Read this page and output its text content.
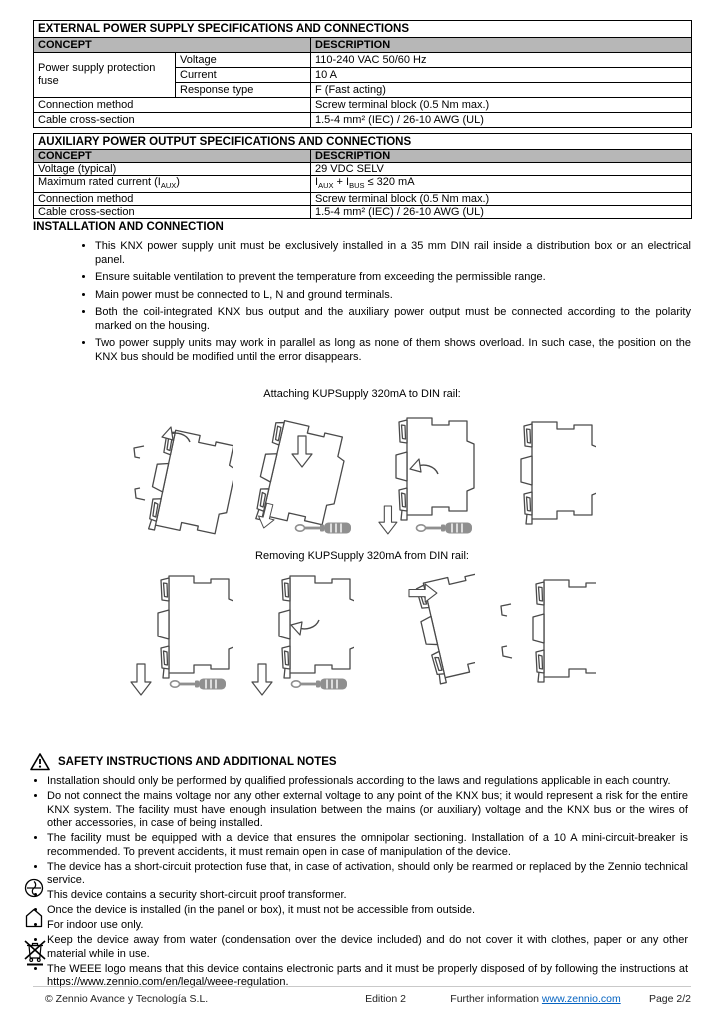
EXTERNAL POWER SUPPLY SPECIFICATIONS AND CONNECTIONS		
CONCEPT		DESCRIPTION
Power supply protection fuse	Voltage	110-240 VAC 50/60 Hz
	Current	10 A
	Response type	F (Fast acting)
Connection method		Screw terminal block (0.5 Nm max.)
Cable cross-section		1.5-4 mm² (IEC) / 26-10 AWG (UL)
AUXILIARY POWER OUTPUT SPECIFICATIONS AND CONNECTIONS	
CONCEPT	DESCRIPTION
Voltage (typical)	29 VDC SELV
Maximum rated current $(I_{AUX})$	$I_{AUX} + I_{BUS} \le 320$ mA
Connection method	Screw terminal block (0.5 Nm max.)
Cable cross-section	1.5-4 mm² (IEC) / 26-10 AWG (UL)
INSTALLATION AND CONNECTION
• This KNX power supply unit must be exclusively installed in a 35 mm DIN rail inside a distribution box or an electrical panel.
• Ensure suitable ventilation to prevent the temperature from exceeding the permissible range.
• Main power must be connected to L, N and ground terminals.
• Both the coil-integrated KNX bus output and the auxiliary power output must be connected according to the polarity marked on the housing.
• Two power supply units may work in parallel as long as none of them shows overload. In such case, the position on the KNX bus should be modified until the error disappears.
Attaching KUPSupply 320mA to DIN rail:
Removing KUPSupply 320mA from DIN rail:
SAFETY INSTRUCTIONS AND ADDITIONAL NOTES
• Installation should only be performed by qualified professionals according to the laws and regulations applicable in each country.
• Do not connect the mains voltage nor any other external voltage to any point of the KNX bus; it would represent a risk for the entire KNX system. The facility must have enough insulation between the mains (or auxiliary) voltage and the KNX bus or the wires of other accessories, in case of being installed.
• The facility must be equipped with a device that ensures the omnipolar sectioning. Installation of a 10 A mini-circuit-breaker is recommended. To prevent accidents, it must remain open in case of manipulation of the device.
• The device has a short-circuit protection fuse that, in case of activation, should only be rearmed or replaced by the Zennio technical service.
• This device contains a security short-circuit proof transformer.
• Once the device is installed (in the panel or box), it must not be accessible from outside.
• For indoor use only.
• Keep the device away from water (condensation over the device included) and do not cover it with clothes, paper or any other material while in use.
• The WEEE logo means that this device contains electronic parts and it must be properly disposed of by following the instructions at https://www.zennio.com/en/legal/weee-regulation.
© Zennio Avance y Tecnología S.L.	Edition 2	Further information www.zennio.com	Page 2/2
